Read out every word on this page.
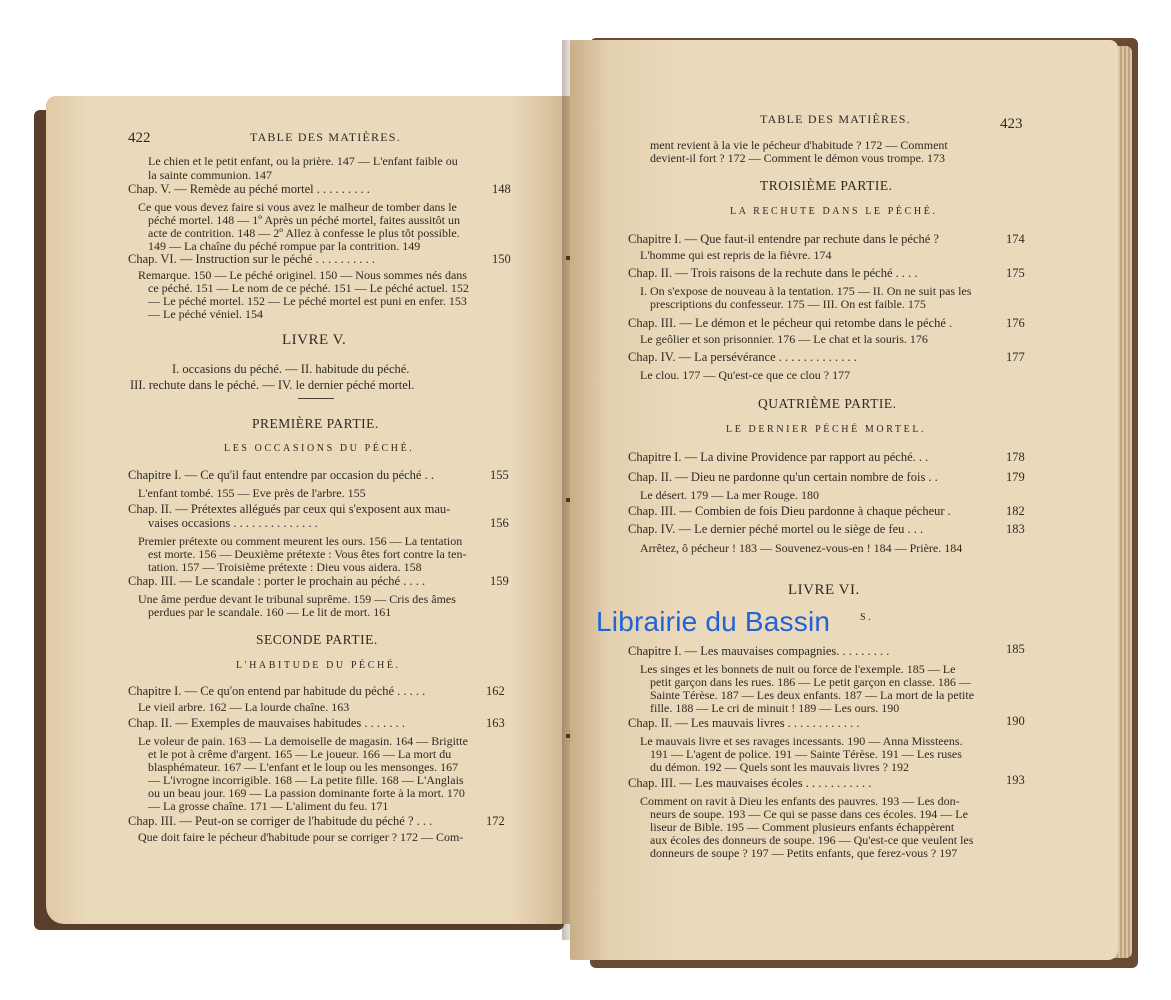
422	TABLE DES MATIÈRES.
Le chien et le petit enfant, ou la prière. 147 — L'enfant faible ou
la sainte communion. 147
Chap. V. — Remède au péché mortel . . . . . . . . .	148
Ce que vous devez faire si vous avez le malheur de tomber dans le
péché mortel. 148 — 1º Après un péché mortel, faites aussitôt un
acte de contrition. 148 — 2º Allez à confesse le plus tôt possible.
149 — La chaîne du péché rompue par la contrition. 149
Chap. VI. — Instruction sur le péché . . . . . . . . . .	150
Remarque. 150 — Le péché originel. 150 — Nous sommes nés dans
ce péché. 151 — Le nom de ce péché. 151 — Le péché actuel. 152
— Le péché mortel. 152 — Le péché mortel est puni en enfer. 153
— Le péché véniel. 154
LIVRE V.
I. occasions du péché. — II. habitude du péché.
III. rechute dans le péché. — IV. le dernier péché mortel.
PREMIÈRE PARTIE.
LES OCCASIONS DU PÉCHÉ.
Chapitre I. — Ce qu'il faut entendre par occasion du péché . .	155
L'enfant tombé. 155 — Eve près de l'arbre. 155
Chap. II. — Prétextes allégués par ceux qui s'exposent aux mau-
vaises occasions . . . . . . . . . . . . . .	156
Premier prétexte ou comment meurent les ours. 156 — La tentation
est morte. 156 — Deuxième prétexte : Vous êtes fort contre la ten-
tation. 157 — Troisième prétexte : Dieu vous aidera. 158
Chap. III. — Le scandale : porter le prochain au péché . . . .	159
Une âme perdue devant le tribunal suprême. 159 — Cris des âmes
perdues par le scandale. 160 — Le lit de mort. 161
SECONDE PARTIE.
L'HABITUDE DU PÉCHÉ.
Chapitre I. — Ce qu'on entend par habitude du péché . . . . .	162
Le vieil arbre. 162 — La lourde chaîne. 163
Chap. II. — Exemples de mauvaises habitudes . . . . . . .	163
Le voleur de pain. 163 — La demoiselle de magasin. 164 — Brigitte
et le pot à crême d'argent. 165 — Le joueur. 166 — La mort du
blasphémateur. 167 — L'enfant et le loup ou les mensonges. 167
— L'ivrogne incorrigible. 168 — La petite fille. 168 — L'Anglais
ou un beau jour. 169 — La passion dominante forte à la mort. 170
— La grosse chaîne. 171 — L'aliment du feu. 171
Chap. III. — Peut-on se corriger de l'habitude du péché ? . . .	172
Que doit faire le pécheur d'habitude pour se corriger ? 172 — Com-
TABLE DES MATIÈRES.	423
ment revient à la vie le pécheur d'habitude ? 172 — Comment
devient-il fort ? 172 — Comment le démon vous trompe. 173
TROISIÈME PARTIE.
LA RECHUTE DANS LE PÉCHÉ.
Chapitre I. — Que faut-il entendre par rechute dans le péché ?	174
L'homme qui est repris de la fièvre. 174
Chap. II. — Trois raisons de la rechute dans le péché . . . .	175
I. On s'expose de nouveau à la tentation. 175 — II. On ne suit pas les
prescriptions du confesseur. 175 — III. On est faible. 175
Chap. III. — Le démon et le pécheur qui retombe dans le péché .	176
Le geôlier et son prisonnier. 176 — Le chat et la souris. 176
Chap. IV. — La persévérance . . . . . . . . . . . . .	177
Le clou. 177 — Qu'est-ce que ce clou ? 177
QUATRIÈME PARTIE.
LE DERNIER PÉCHÉ MORTEL.
Chapitre I. — La divine Providence par rapport au péché. . .	178
Chap. II. — Dieu ne pardonne qu'un certain nombre de fois . .	179
Le désert. 179 — La mer Rouge. 180
Chap. III. — Combien de fois Dieu pardonne à chaque pécheur .	182
Chap. IV. — Le dernier péché mortel ou le siège de feu . . .	183
Arrêtez, ô pécheur ! 183 — Souvenez-vous-en ! 184 — Prière. 184
LIVRE VI.
S.
Chapitre I. — Les mauvaises compagnies. . . . . . . . .	185
Les singes et les bonnets de nuit ou force de l'exemple. 185 — Le
petit garçon dans les rues. 186 — Le petit garçon en classe. 186 —
Sainte Térèse. 187 — Les deux enfants. 187 — La mort de la petite
fille. 188 — Le cri de minuit ! 189 — Les ours. 190
Chap. II. — Les mauvais livres . . . . . . . . . . . .	190
Le mauvais livre et ses ravages incessants. 190 — Anna Missteens.
191 — L'agent de police. 191 — Sainte Térèse. 191 — Les ruses
du démon. 192 — Quels sont les mauvais livres ? 192
Chap. III. — Les mauvaises écoles . . . . . . . . . . .	193
Comment on ravit à Dieu les enfants des pauvres. 193 — Les don-
neurs de soupe. 193 — Ce qui se passe dans ces écoles. 194 — Le
liseur de Bible. 195 — Comment plusieurs enfants échappèrent
aux écoles des donneurs de soupe. 196 — Qu'est-ce que veulent les
donneurs de soupe ? 197 — Petits enfants, que ferez-vous ? 197
Librairie du Bassin
